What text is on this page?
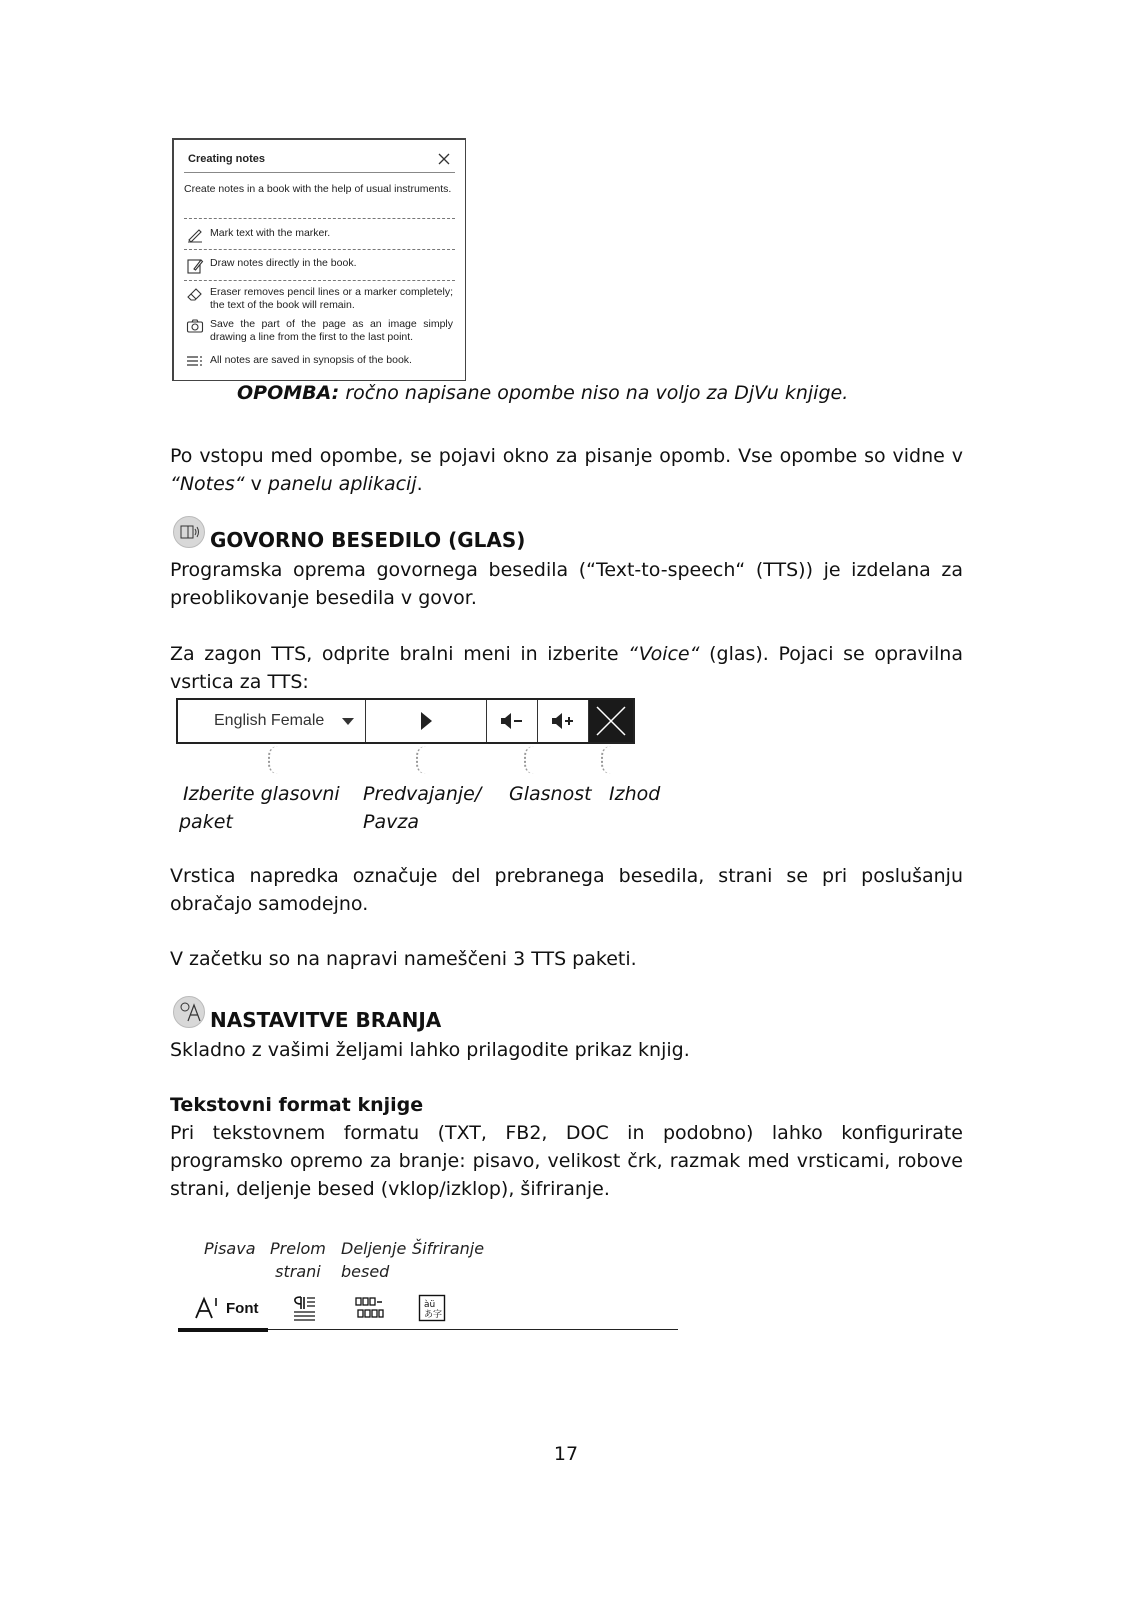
Creating notes
Create notes in a book with the help of usual instruments.
Mark text with the marker.
Draw notes directly in the book.
Eraser removes pencil lines or a marker completely; the text of the book will remain.
Save the part of the page as an image simply drawing a line from the first to the last point.
All notes are saved in synopsis of the book.
OPOMBA: ročno napisane opombe niso na voljo za DjVu knjige.
Po vstopu med opombe, se pojavi okno za pisanje opomb. Vse opombe so vidne v “Notes“ v panelu aplikacij.
GOVORNO BESEDILO (GLAS)
Programska oprema govornega besedila (“Text-to-speech“ (TTS)) je izdelana za preoblikovanje besedila v govor.
Za zagon TTS, odprite bralni meni in izberite “Voice“ (glas). Pojaci se opravilna vsrtica za TTS:
English Female
Izberite glasovni
paket
Predvajanje/
Pavza
Glasnost Izhod
Vrstica napredka označuje del prebranega besedila, strani se pri poslušanju obračajo samodejno.
V začetku so na napravi nameščeni 3 TTS paketi.
NASTAVITVE BRANJA
Skladno z vašimi željami lahko prilagodite prikaz knjig.
Tekstovni format knjige
Pri tekstovnem formatu (TXT, FB2, DOC in podobno) lahko konfigurirate programsko opremo za branje: pisavo, velikost črk, razmak med vrsticami, robove strani, deljenje besed (vklop/izklop), šifriranje.
Pisava Prelom
strani
Deljenje
besed
Šifriranje
Font	àü
あ字
17
